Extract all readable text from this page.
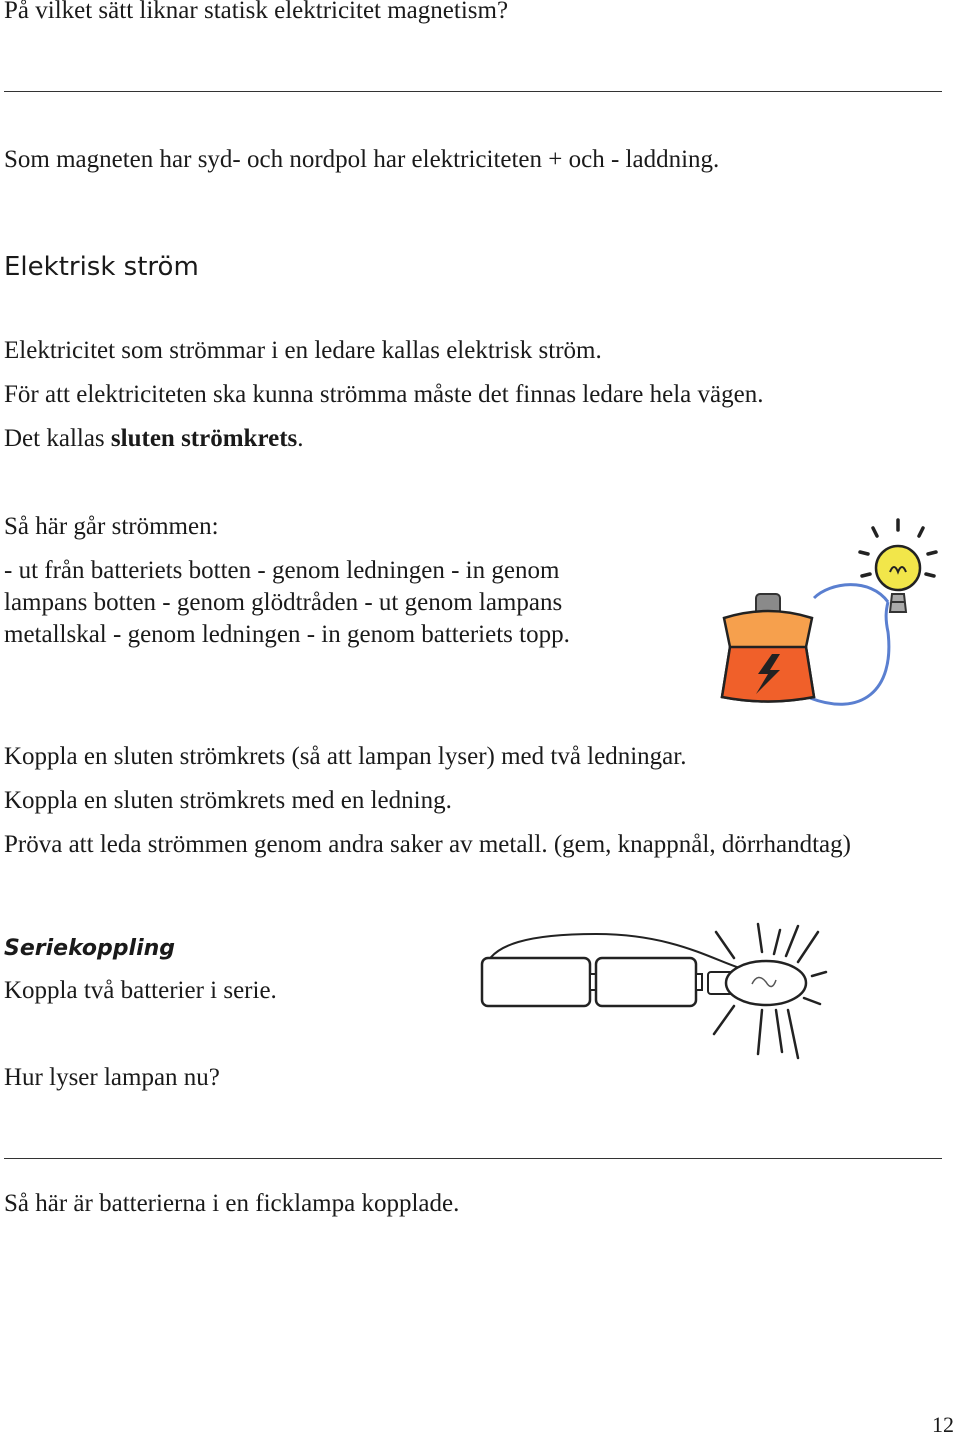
På vilket sätt liknar statisk elektricitet magnetism?

Som magneten har syd- och nordpol har elektriciteten + och - laddning.

Elektrisk ström

Elektricitet som strömmar i en ledare kallas elektrisk ström.

För att elektriciteten ska kunna strömma måste det finnas ledare hela vägen.

Det kallas sluten strömkrets.

Så här går strömmen:

- ut från batteriets botten - genom ledningen - in genom
lampans botten - genom glödtråden - ut genom lampans
metallskal - genom ledningen - in genom batteriets topp.

Koppla en sluten strömkrets (så att lampan lyser) med två ledningar.

Koppla en sluten strömkrets med en ledning.

Pröva att leda strömmen genom andra saker av metall. (gem, knappnål, dörrhandtag)

Seriekoppling

Koppla två batterier i serie.

Hur lyser lampan nu?

Så här är batterierna i en ficklampa kopplade.

12
